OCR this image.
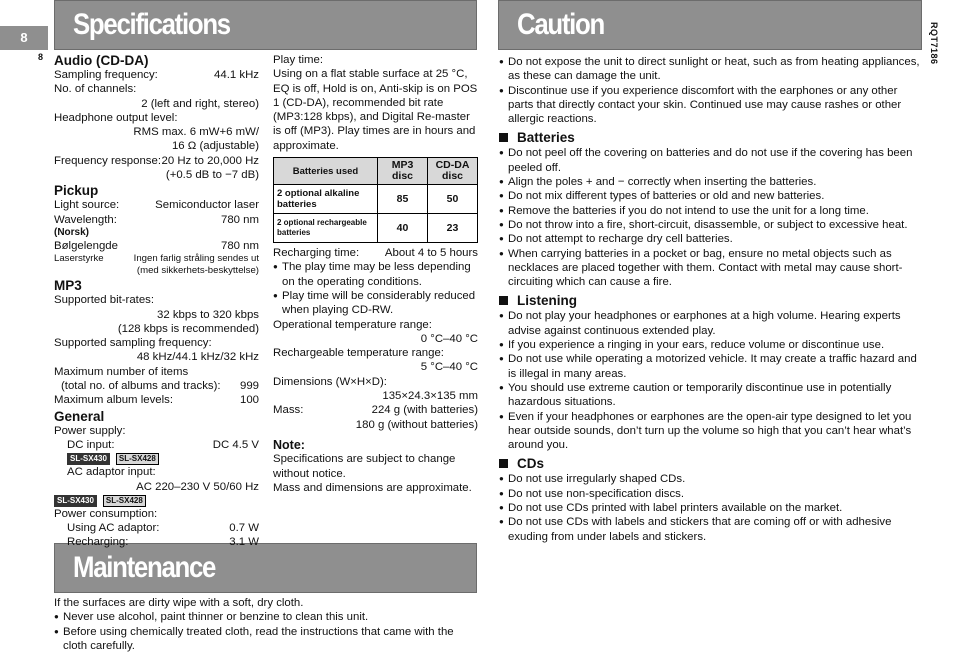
8
8
Specifications	Caution	RQT7186
Maintenance
Audio (CD-DA)
Sampling frequency:	44.1 kHz
No. of channels:
2 (left and right, stereo)
Headphone output level:
RMS max. 6 mW+6 mW/
16 Ω (adjustable)
Frequency response: 20 Hz to 20,000 Hz
(+0.5 dB to −7 dB)
Pickup
Light source:	Semiconductor laser
Wavelength:	780 nm
(Norsk)
Bølgelengde	780 nm
Laserstyrke	Ingen farlig stråling sendes ut
(med sikkerhets-beskyttelse)
MP3
Supported bit-rates:
32 kbps to 320 kbps
(128 kbps is recommended)
Supported sampling frequency:
48 kHz/44.1 kHz/32 kHz
Maximum number of items
(total no. of albums and tracks): 999
Maximum album levels:	100
General
Power supply:
DC input:	DC 4.5 V
SL-SX430 SL-SX428
AC adaptor input:
AC 220–230 V 50/60 Hz
SL-SX430 SL-SX428
Power consumption:
Using AC adaptor:	0.7 W
Recharging:	3.1 W
Play time:

Using on a flat stable surface at 25 °C, EQ is off, Hold is on, Anti-skip is on POS 1 (CD-DA), recommended bit rate (MP3:128 kbps), and Digital Re-master is off (MP3). Play times are in hours and approximate.

Batteries used	MP3 disc	CD-DA disc
2 optional alkaline batteries	85	50
2 optional rechargeable batteries	40	23
Recharging time: About 4 to 5 hours

● The play time may be less depending on the operating conditions.

● Play time will be considerably reduced when playing CD-RW.

Operational temperature range:
0 °C–40 °C
Rechargeable temperature range:
5 °C–40 °C
Dimensions (W×H×D):
135×24.3×135 mm
Mass:	224 g (with batteries)
180 g (without batteries)
Note:

Specifications are subject to change without notice.

Mass and dimensions are approximate.

● Do not expose the unit to direct sunlight or heat, such as from heating appliances, as these can damage the unit.

● Discontinue use if you experience discomfort with the earphones or any other parts that directly contact your skin. Continued use may cause rashes or other allergic reactions.

Batteries

● Do not peel off the covering on batteries and do not use if the covering has been peeled off.

● Align the poles + and − correctly when inserting the batteries.

● Do not mix different types of batteries or old and new batteries.

● Remove the batteries if you do not intend to use the unit for a long time.

● Do not throw into a fire, short-circuit, disassemble, or subject to excessive heat.

● Do not attempt to recharge dry cell batteries.

● When carrying batteries in a pocket or bag, ensure no metal objects such as necklaces are placed together with them. Contact with metal may cause short-circuiting which can cause a fire.

Listening

● Do not play your headphones or earphones at a high volume. Hearing experts advise against continuous extended play.

● If you experience a ringing in your ears, reduce volume or discontinue use.

● Do not use while operating a motorized vehicle. It may create a traffic hazard and is illegal in many areas.

● You should use extreme caution or temporarily discontinue use in potentially hazardous situations.

● Even if your headphones or earphones are the open-air type designed to let you hear outside sounds, don’t turn up the volume so high that you can’t hear what’s around you.

CDs

● Do not use irregularly shaped CDs.

● Do not use non-specification discs.

● Do not use CDs printed with label printers available on the market.

● Do not use CDs with labels and stickers that are coming off or with adhesive exuding from under labels and stickers.

If the surfaces are dirty wipe with a soft, dry cloth.

● Never use alcohol, paint thinner or benzine to clean this unit.

● Before using chemically treated cloth, read the instructions that came with the cloth carefully.
